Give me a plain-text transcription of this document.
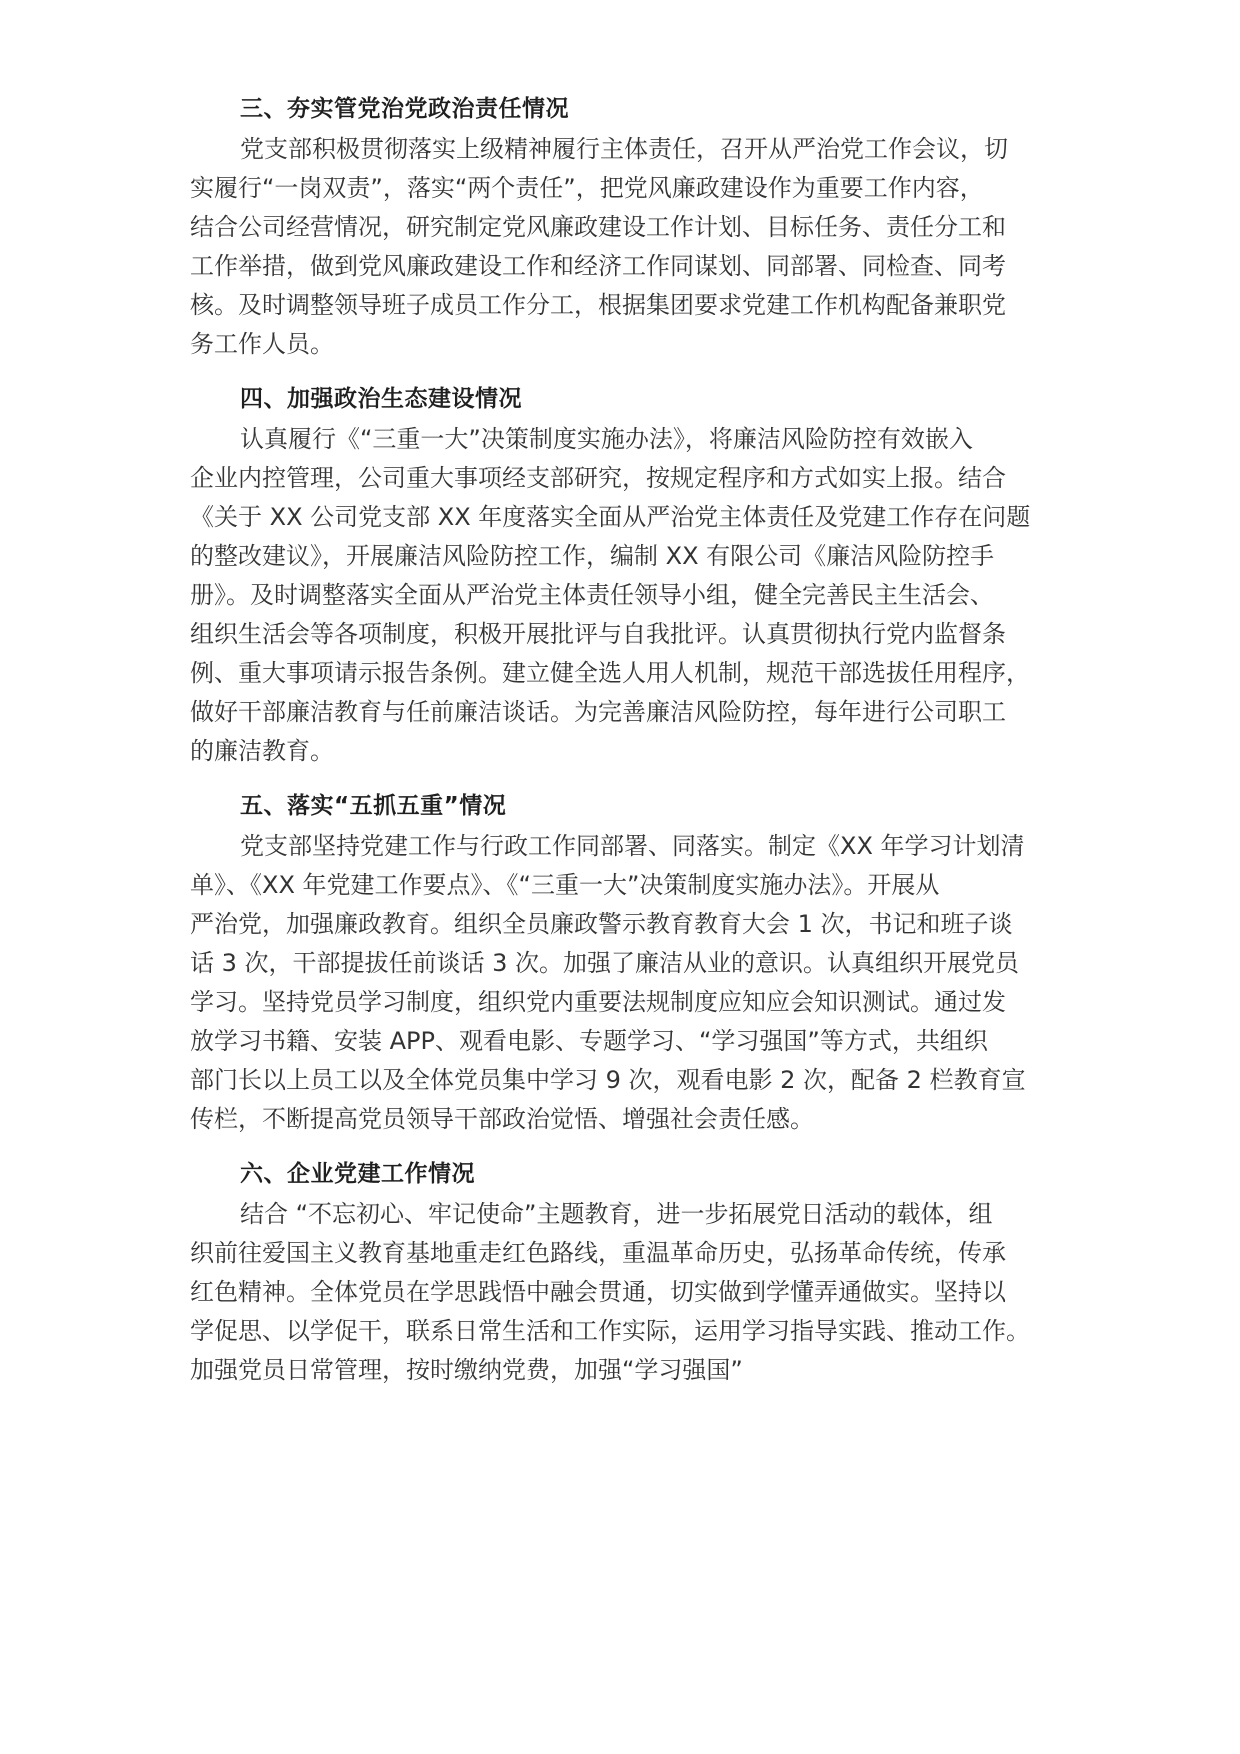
三、夯实管党治党政治责任情况
党支部积极贯彻落实上级精神履行主体责任，召开从严治党工作会议，切
实履行“一岗双责”，落实“两个责任”，把党风廉政建设作为重要工作内容，
结合公司经营情况，研究制定党风廉政建设工作计划、目标任务、责任分工和
工作举措，做到党风廉政建设工作和经济工作同谋划、同部署、同检查、同考
核。及时调整领导班子成员工作分工，根据集团要求党建工作机构配备兼职党
务工作人员。
四、加强政治生态建设情况
认真履行《“三重一大”决策制度实施办法》，将廉洁风险防控有效嵌入
企业内控管理，公司重大事项经支部研究，按规定程序和方式如实上报。结合
《关于 XX 公司党支部 XX 年度落实全面从严治党主体责任及党建工作存在问题
的整改建议》，开展廉洁风险防控工作，编制 XX 有限公司《廉洁风险防控手
册》。及时调整落实全面从严治党主体责任领导小组，健全完善民主生活会、
组织生活会等各项制度，积极开展批评与自我批评。认真贯彻执行党内监督条
例、重大事项请示报告条例。建立健全选人用人机制，规范干部选拔任用程序，
做好干部廉洁教育与任前廉洁谈话。为完善廉洁风险防控，每年进行公司职工
的廉洁教育。
五、落实“五抓五重”情况
党支部坚持党建工作与行政工作同部署、同落实。制定《XX 年学习计划清
单》、《XX 年党建工作要点》、《“三重一大”决策制度实施办法》。开展从
严治党，加强廉政教育。组织全员廉政警示教育教育大会 1 次，书记和班子谈
话 3 次，干部提拔任前谈话 3 次。加强了廉洁从业的意识。认真组织开展党员
学习。坚持党员学习制度，组织党内重要法规制度应知应会知识测试。通过发
放学习书籍、安装 APP、观看电影、专题学习、“学习强国”等方式，共组织
部门长以上员工以及全体党员集中学习 9 次，观看电影 2 次，配备 2 栏教育宣
传栏，不断提高党员领导干部政治觉悟、增强社会责任感。
六、企业党建工作情况
结合 “不忘初心、牢记使命”主题教育，进一步拓展党日活动的载体，组
织前往爱国主义教育基地重走红色路线，重温革命历史，弘扬革命传统，传承
红色精神。全体党员在学思践悟中融会贯通，切实做到学懂弄通做实。坚持以
学促思、以学促干，联系日常生活和工作实际，运用学习指导实践、推动工作。
加强党员日常管理，按时缴纳党费，加强“学习强国”
